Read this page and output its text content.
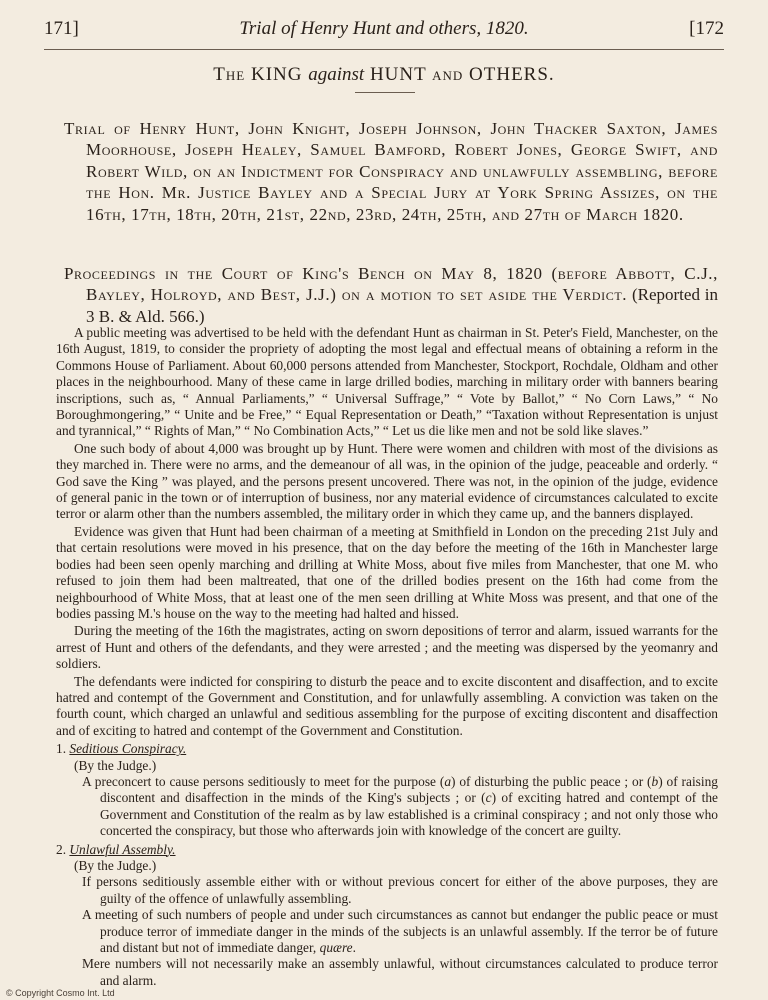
171]	Trial of Henry Hunt and others, 1820.	[172
The KING against HUNT and OTHERS.
Trial of Henry Hunt, John Knight, Joseph Johnson, John Thacker Saxton, James Moorhouse, Joseph Healey, Samuel Bamford, Robert Jones, George Swift, and Robert Wild, on an Indictment for Conspiracy and unlawfully assembling, before the Hon. Mr. Justice Bayley and a Special Jury at York Spring Assizes, on the 16th, 17th, 18th, 20th, 21st, 22nd, 23rd, 24th, 25th, and 27th of March 1820.
Proceedings in the Court of King's Bench on May 8, 1820 (before Abbott, C.J., Bayley, Holroyd, and Best, J.J.) on a motion to set aside the Verdict. (Reported in 3 B. & Ald. 566.)

A public meeting was advertised to be held with the defendant Hunt as chairman in St. Peter's Field, Manchester, on the 16th August, 1819, to consider the propriety of adopting the most legal and effectual means of obtaining a reform in the Commons House of Parliament. About 60,000 persons attended from Manchester, Stockport, Rochdale, Oldham and other places in the neighbourhood. Many of these came in large drilled bodies, marching in military order with banners bearing inscriptions, such as, “ Annual Parliaments,” “ Universal Suffrage,” “ Vote by Ballot,” “ No Corn Laws,” “ No Boroughmongering,” “ Unite and be Free,” “ Equal Representation or Death,” “Taxation without Representation is unjust and tyrannical,” “ Rights of Man,” “ No Combination Acts,” “ Let us die like men and not be sold like slaves.”

One such body of about 4,000 was brought up by Hunt. There were women and children with most of the divisions as they marched in. There were no arms, and the demeanour of all was, in the opinion of the judge, peaceable and orderly. “ God save the King ” was played, and the persons present uncovered. There was not, in the opinion of the judge, evidence of general panic in the town or of interruption of business, nor any material evidence of circumstances calculated to excite terror or alarm other than the numbers assembled, the military order in which they came up, and the banners displayed.

Evidence was given that Hunt had been chairman of a meeting at Smithfield in London on the preceding 21st July and that certain resolutions were moved in his presence, that on the day before the meeting of the 16th in Manchester large bodies had been seen openly marching and drilling at White Moss, about five miles from Manchester, that one M. who refused to join them had been maltreated, that one of the drilled bodies present on the 16th had come from the neighbourhood of White Moss, that at least one of the men seen drilling at White Moss was present, and that one of the bodies passing M.'s house on the way to the meeting had halted and hissed.

During the meeting of the 16th the magistrates, acting on sworn depositions of terror and alarm, issued warrants for the arrest of Hunt and others of the defendants, and they were arrested ; and the meeting was dispersed by the yeomanry and soldiers.

The defendants were indicted for conspiring to disturb the peace and to excite discontent and disaffection, and to excite hatred and contempt of the Government and Constitution, and for unlawfully assembling. A conviction was taken on the fourth count, which charged an unlawful and seditious assembling for the purpose of exciting discontent and disaffection and of exciting to hatred and contempt of the Government and Constitution.

1. Seditious Conspiracy.

(By the Judge.)

A preconcert to cause persons seditiously to meet for the purpose (a) of disturbing the public peace ; or (b) of raising discontent and disaffection in the minds of the King's subjects ; or (c) of exciting hatred and contempt of the Government and Constitution of the realm as by law established is a criminal conspiracy ; and not only those who concerted the conspiracy, but those who afterwards join with knowledge of the concert are guilty.

2. Unlawful Assembly.

(By the Judge.)

If persons seditiously assemble either with or without previous concert for either of the above purposes, they are guilty of the offence of unlawfully assembling.

A meeting of such numbers of people and under such circumstances as cannot but endanger the public peace or must produce terror of immediate danger in the minds of the subjects is an unlawful assembly. If the terror be of future and distant but not of immediate danger, quære.

Mere numbers will not necessarily make an assembly unlawful, without circumstances calculated to produce terror and alarm.

© Copyright Cosmo Int. Ltd
